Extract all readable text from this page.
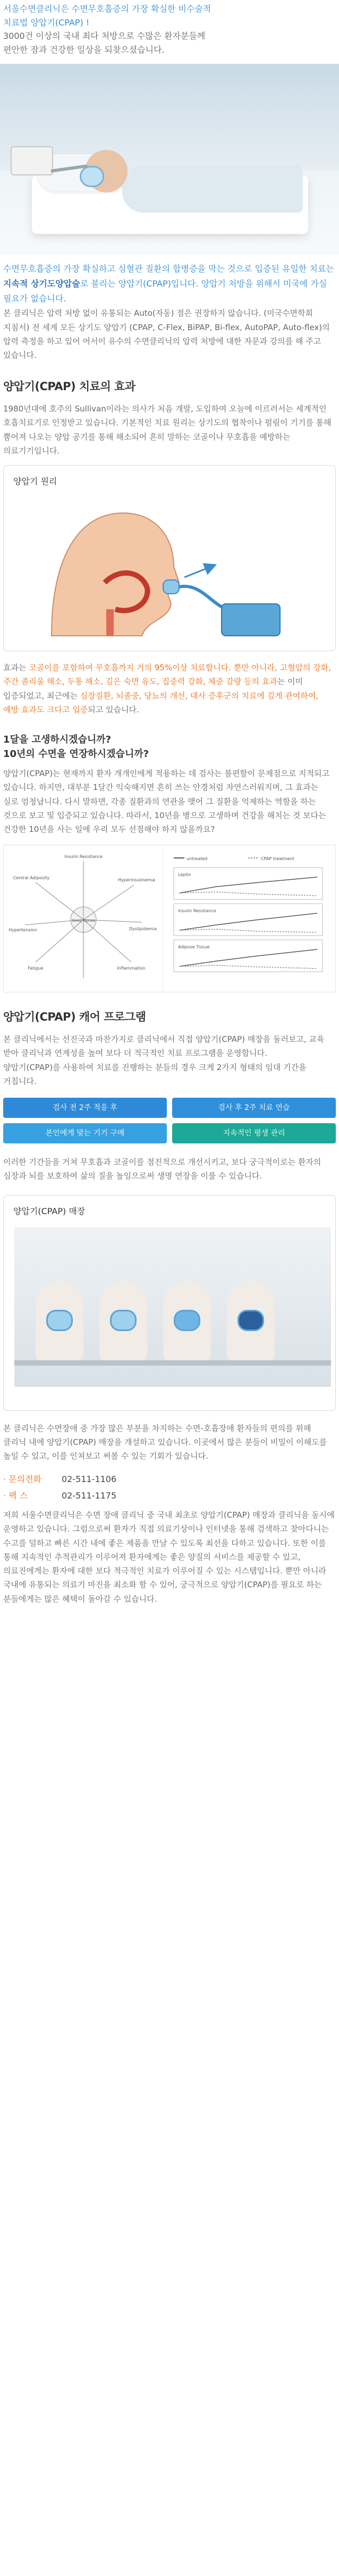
서울수면클리닉은 수면무호흡증의 가장 확실한 비수술적

치료법 양압기(CPAP) !

3000건 이상의 국내 최다 처방으로 수많은 환자분들께

편안한 잠과 건강한 일상을 되찾으셨습니다.

수면무호흡증의 가장 확실하고 심혈관 질환의 합병증을 막는 것으로 입증된 유일한 치료는 지속적 상기도양압술로 불리는 양압기(CPAP)입니다. 양압기 처방을 위해서 미국에 가실 필요가 없습니다.

본 클리닉은 압력 처방 없이 유통되는 Auto(자동) 점은 권장하지 않습니다. (미국수면학회 지침서) 전 세계 모든 상기도 양압기 (CPAP, C-Flex, BiPAP, Bi-flex, AutoPAP, Auto-flex)의 압력 측정을 하고 있어 어서이 유수의 수면클리닉의 압력 처방에 대한 자문과 강의를 해 주고 있습니다.

양압기(CPAP) 치료의 효과

1980년대에 호주의 Sullivan이라는 의사가 처음 개발, 도입하여 오늘에 이르러서는 세계적인 호흡치료기로 인정받고 있습니다. 기본적인 치료 원리는 상기도의 협착이나 펄림이 기기를 통해 뿜어져 나오는 양압 공기를 통해 해소되어 흔히 말하는 코골이나 무호흡을 예방하는 의료기기입니다.

양압기 원리

효과는 코골이를 포함하여 무호흡까지 거의 95%이상 치료합니다. 뿐만 아니라, 고혈압의 강화, 주간 졸리움 해소, 두통 해소, 깊은 숙면 유도, 집중력 강화, 체중 감량 등의 효과는 이미 입증되었고, 최근에는 심장질환, 뇌졸중, 당뇨의 개선, 대사 증후군의 치료에 깊게 관여하여, 예방 효과도 크다고 입증되고 있습니다.

1달을 고생하시겠습니까?
10년의 수면을 연장하시겠습니까?

양압기(CPAP)는 현재까지 환자 개개인에게 적용하는 데 검사는 불편할이 문제점으로 지적되고 있습니다. 하지만, 대부분 1달간 익숙해지면 흔히 쓰는 안경처럼 자연스러워지며, 그 효과는 실로 엄청납니다. 다시 말하면, 각종 질환과의 연관을 맺어 그 질환을 억제하는 역할을 하는 것으로 보고 및 입증되고 있습니다. 따라서, 10년을 병으로 고생하며 건강을 해치는 것 보다는 건강한 10년을 사는 일에 우리 모두 선점해야 하지 않을까요?

Insulin Resistance
Central Adiposity	Hyperinsulinemia
Hypertension	Dyslipidemia
Sleep Apnea
Fatigue	Inflammation
untreated	CPAP treatment
Leptin
Insulin Resistance
Adipose Tissue
양압기(CPAP) 캐어 프로그램

본 클리닉에서는 선진국과 마찬가지로 클리닉에서 직접 양압기(CPAP) 매장을 둘러보고, 교육 받아 클리닉과 연계성을 높여 보다 더 적극적인 치료 프로그램을 운영합니다.

양압기(CPAP)를 사용하여 치료를 진행하는 분들의 경우 크게 2가지 형태의 임대 기간을 거칩니다.

검사 전 2주 적응 후	검사 후 2주 치료 연습
본인에게 맞는 기기 구매	지속적인 평생 관리

이러한 기간들을 거쳐 무호흡과 코골이를 점진적으로 개선시키고, 보다 궁극적이로는 환자의 심장과 뇌를 보호하여 삶의 질을 높임으로써 생명 연장을 이룰 수 있습니다.

양압기(CPAP) 매장

본 클리닉은 수면장애 중 가장 많은 부분을 차지하는 수면-호흡장애 환자들의 편의를 위해 클리닉 내에 양압기(CPAP) 매장을 개설하고 있습니다. 이곳에서 많은 분들이 비밀이 이해도를 높일 수 있고, 이를 인쳐보고 써볼 수 있는 기회가 있습니다.

· 문의전화	02-511-1106
· 팩 스	02-511-1175

저희 서울수면클리닉은 수면 장애 클리닉 중 국내 최초로 양압기(CPAP) 매장과 클리닉을 동시에 운영하고 있습니다. 그럼으로써 환자가 직접 의료기상이나 인터넷을 통해 검색하고 찾아다니는 수고를 덜하고 빠른 시간 내에 좋은 제품을 만날 수 있도록 최선을 다하고 있습니다. 또한 이를 통해 지속적인 추적관리가 이루어져 환자에게는 좋은 양질의 서비스를 제공할 수 있고, 의료진에게는 환자에 대한 보다 적극적인 치료가 이루어질 수 있는 시스템입니다. 뿐만 아니라 국내에 유통되는 의료기 마진을 최소화 할 수 있어, 궁극적으로 양압기(CPAP)를 필요로 하는 분들에게는 많은 혜택이 돌아갈 수 있습니다.
